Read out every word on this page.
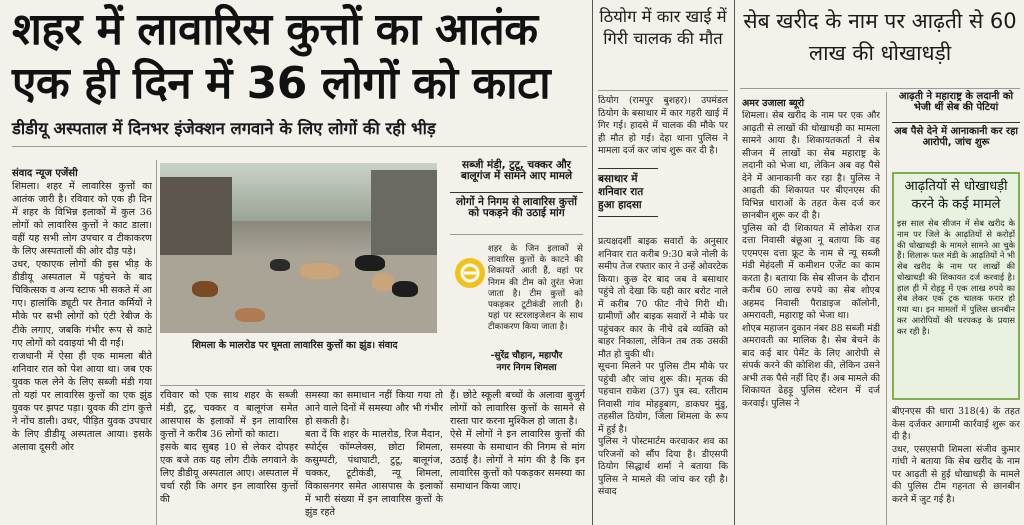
शहर में लावारिस कुत्तों का आतंक
एक ही दिन में 36 लोगों को काटा
डीडीयू अस्पताल में दिनभर इंजेक्शन लगवाने के लिए लोगों की रही भीड़
संवाद न्यूज एजेंसी
शिमला। शहर में लावारिस कुत्तों का आतंक जारी है। रविवार को एक ही दिन में शहर के विभिन्न इलाकों में कुल 36 लोगों को लावारिस कुत्तों ने काट डाला। वहीं यह सभी लोग उपचार व टीकाकरण के लिए अस्पतालों की ओर दौड़ पड़े।
उधर, एकाएक लोगों की इस भीड़ के डीडीयू अस्पताल में पहुंचने के बाद चिकित्सक व अन्य स्टाफ भी सकते में आ गए। हालांकि ड्यूटी पर तैनात कर्मियों ने मौके पर सभी लोगों को एंटी रेबीज के टीके लगाए, जबकि गंभीर रूप से काटे गए लोगों को दवाइयां भी दी गईं।
राजधानी में ऐसा ही एक मामला बीते शनिवार रात को पेश आया था। जब एक युवक फल लेने के लिए सब्जी मंडी गया तो यहां पर लावारिस कुत्तों का एक झुंड युवक पर झपट पड़ा। युवक की टांग कुत्ते ने नोंच डाली। उधर, पीड़ित युवक उपचार के लिए डीडीयू अस्पताल आया। इसके अलावा दूसरी ओर
शिमला के मालरोड पर घूमता लावारिस कुत्तों का झुंड। संवाद
सब्जी मंडी, टुटू, चक्कर और बालूगंज में सामने आए मामले
लोगों ने निगम से लावारिस कुत्तों को पकड़ने की उठाई मांग
शहर के जिन इलाकों से लावारिस कुत्तों के काटने की शिकायतें आती हैं, वहां पर निगम की टीम को तुरंत भेजा जाता है। टीम कुत्तों को पकड़कर टूटीकंडी लाती है। यहां पर स्टरलाइजेशन के साथ टीकाकरण किया जाता है।
-सुरेंद्र चौहान, महापौर
नगर निगम शिमला
रविवार को एक साथ शहर के सब्जी मंडी, टुटू, चक्कर व बालूगंज समेत आसपास के इलाकों में इन लावारिस कुत्तों ने करीब 36 लोगों को काटा।
इसके बाद सुबह 10 से लेकर दोपहर एक बजे तक यह लोग टीके लगवाने के लिए डीडीयू अस्पताल आए। अस्पताल में चर्चा रही कि अगर इन लावारिस कुत्तों की
समस्या का समाधान नहीं किया गया तो आने वाले दिनों में समस्या और भी गंभीर हो सकती है।
बता दें कि शहर के मालरोड, रिज मैदान, स्पोर्ट्स कॉम्प्लेक्स, छोटा शिमला, कसुम्पटी, पंथाघाटी, टुटू, बालूगंज, चक्कर, टूटीकंडी, न्यू शिमला, विकासनगर समेत आसपास के इलाकों में भारी संख्या में इन लावारिस कुत्तों के झुंड रहते
हैं। छोटे स्कूली बच्चों के अलावा बुजुर्ग लोगों को लावारिस कुत्तों के सामने से रास्ता पार करना मुश्किल हो जाता है।
ऐसे में लोगों ने इन लावारिस कुत्तों की समस्या के समाधान की निगम से मांग उठाई है। लोगों ने मांग की है कि इन लावारिस कुत्तों को पकड़कर समस्या का समाधान किया जाए।
ठियोग में कार खाई में गिरी चालक की मौत
ठियोग (रामपुर बुशहर)। उपमंडल ठियोग के बसाथार में कार गहरी खाई में गिर गई। हादसे में चालक की मौके पर ही मौत हो गई। देहा थाना पुलिस ने मामला दर्ज कर जांच शुरू कर दी है।
बसाथार में शनिवार रात हुआ हादसा
प्रत्यक्षदर्शी बाइक सवारों के अनुसार शनिवार रात करीब 9:30 बजे नोली के समीप तेज रफ्तार कार ने उन्हें ओवरटेक किया। कुछ देर बाद जब वे बसाथार पहुंचे तो देखा कि यही कार बरोट नाले में करीब 70 फीट नीचे गिरी थी। ग्रामीणों और बाइक सवारों ने मौके पर पहुंचकर कार के नीचे दबे व्यक्ति को बाहर निकाला, लेकिन तब तक उसकी मौत हो चुकी थी।
सूचना मिलने पर पुलिस टीम मौके पर पहुंची और जांच शुरू की। मृतक की पहचान राकेश (37) पुत्र स्व. रतीराम निवासी गांव मोहड़ूबाग, डाकघर मुंडु, तहसील ठियोग, जिला शिमला के रूप में हुई है।
पुलिस ने पोस्टमार्टम करवाकर शव का परिजनों को सौंप दिया है। डीएसपी ठियोग सिद्धार्थ शर्मा ने बताया कि पुलिस ने मामले की जांच कर रही है। संवाद
सेब खरीद के नाम पर आढ़ती से 60 लाख की धोखाधड़ी
अमर उजाला ब्यूरो
शिमला। सेब खरीद के नाम पर एक और आढ़ती से लाखों की धोखाधड़ी का मामला सामने आया है। शिकायतकर्ता ने सेब सीजन में लाखों का सेब महाराष्ट्र के लदानी को भेजा था, लेकिन अब वह पैसे देने में आनाकानी कर रहा है। पुलिस ने आढ़ती की शिकायत पर बीएनएस की विभिन्न धाराओं के तहत केस दर्ज कर छानबीन शुरू कर दी है।
पुलिस को दी शिकायत में लोकेश राज दत्ता निवासी बंछूआ नू बताया कि वह एएमएस दत्ता फ्रूट के नाम से न्यू सब्जी मंडी मेहंदली में कमीशन एजेंट का काम करता है। बताया कि सेब सीजन के दौरान करीब 60 लाख रुपये का सेब शोएब अहमद निवासी पैराडाइज कॉलोनी, अमरावती, महाराष्ट्र को भेजा था।
शोएब महाजन दुकान नंबर 88 सब्जी मंडी अमरावती का मालिक है। सेब बेचने के बाद कई बार पेमेंट के लिए आरोपी से संपर्क करने की कोशिश की, लेकिन उसने अभी तक पैसे नहीं दिए हैं। अब मामले की शिकायत ढेहड़ू पुलिस स्टेशन में दर्ज करवाई। पुलिस ने
आढ़ती ने महाराष्ट्र के लदानी को भेजी थीं सेब की पेटियां
अब पैसे देने में आनाकानी कर रहा आरोपी, जांच शुरू
आढ़तियों से धोखाधड़ी करने के कई मामले
इस साल सेब सीजन में सेब खरीद के नाम पर जिले के आढ़तियों से करोड़ों की धोखाधड़ी के मामले सामने आ चुके हैं। शिलारू फल मंडी के आढ़तियों ने भी सेब खरीद के नाम पर लाखों की धोखाधड़ी की शिकायत दर्ज करवाई है। हाल ही में रोहड़ू में एक लाख रुपये का सेब लेकर एक ट्रक चालक फरार हो गया था। इन मामलों में पुलिस छानबीन कर आरोपियों की धरपकड़ के प्रयास कर रही है।
बीएनएस की धारा 318(4) के तहत केस दर्जकर आगामी कार्रवाई शुरू कर दी है।
उधर, एसएसपी शिमला संजीव कुमार गांधी ने बताया कि सेब खरीद के नाम पर आढ़ती से हुई धोखाधड़ी के मामले की पुलिस टीम गहनता से छानबीन करने में जुट गई है।
